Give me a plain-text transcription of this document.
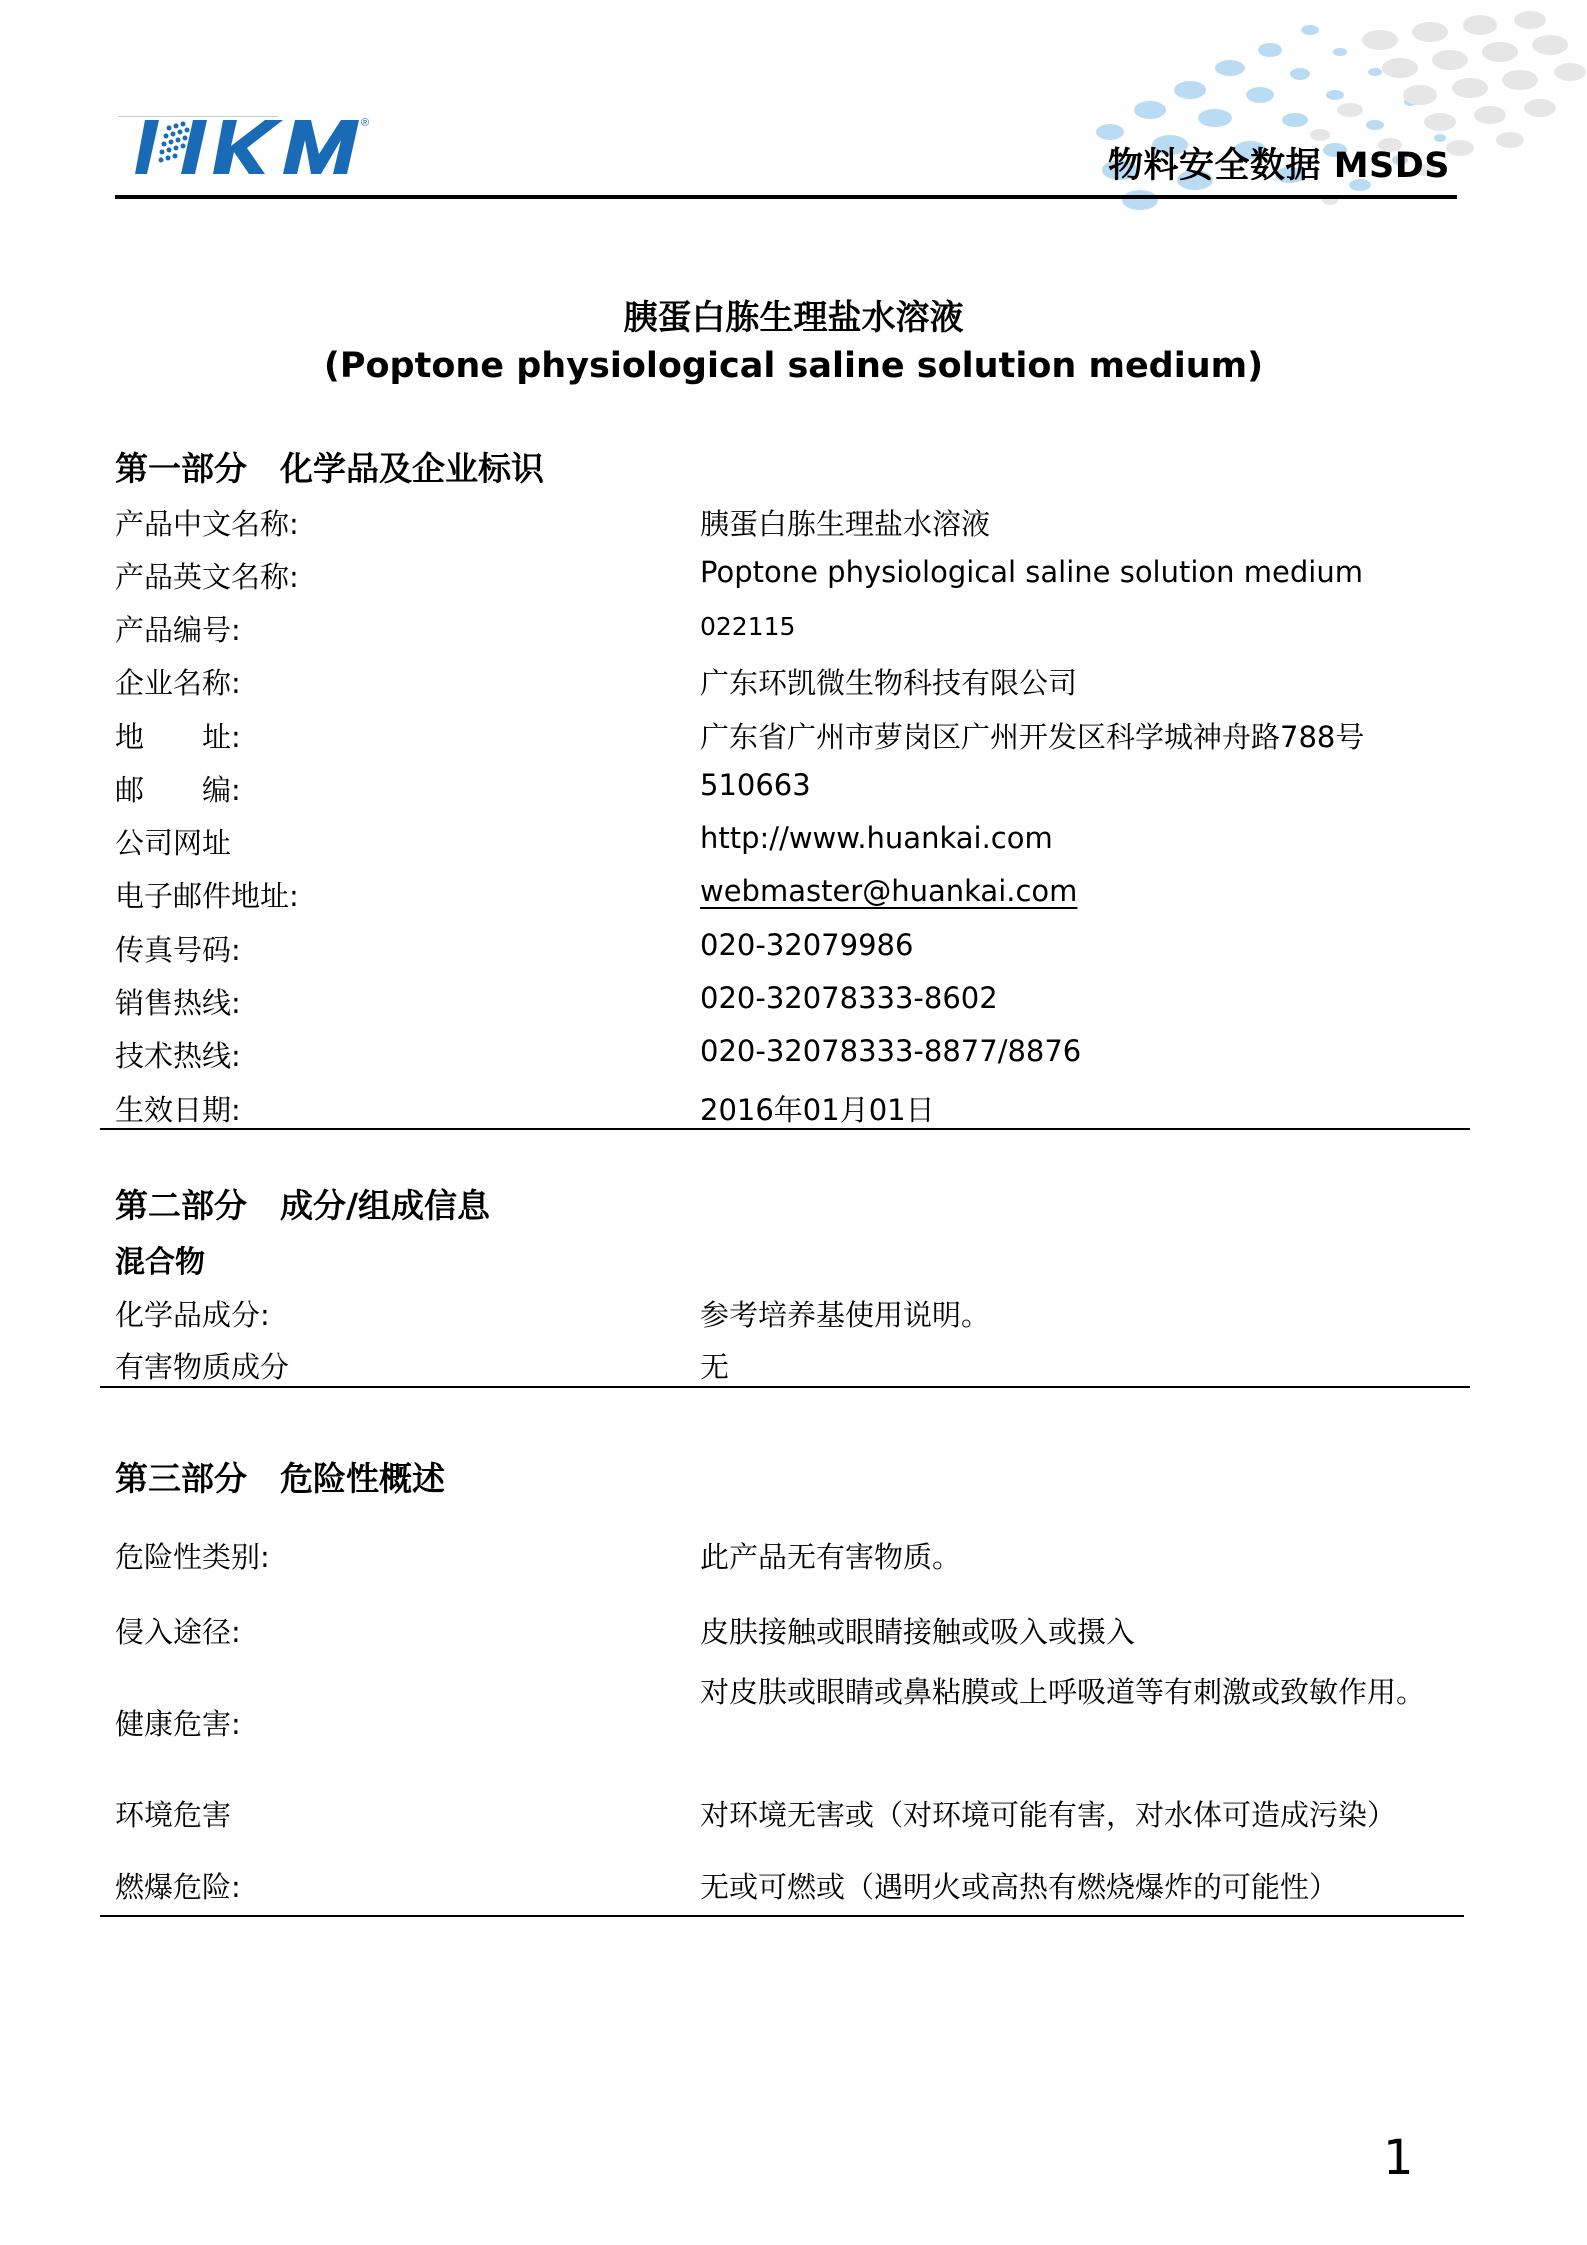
®
物料安全数据 MSDS
胰蛋白胨生理盐水溶液
(Poptone physiological saline solution medium)
第一部分　化学品及企业标识
产品中文名称:	胰蛋白胨生理盐水溶液
产品英文名称:	Poptone physiological saline solution medium
产品编号:	022115
企业名称:	广东环凯微生物科技有限公司
地　　址:	广东省广州市萝岗区广州开发区科学城神舟路788号
邮　　编:	510663
公司网址	http://www.huankai.com
电子邮件地址:	webmaster@huankai.com
传真号码:	020-32079986
销售热线:	020-32078333-8602
技术热线:	020-32078333-8877/8876
生效日期:	2016年01月01日
第二部分　成分/组成信息
混合物
化学品成分:	参考培养基使用说明。
有害物质成分	无
第三部分　危险性概述
危险性类别:	此产品无有害物质。
侵入途径:	皮肤接触或眼睛接触或吸入或摄入
健康危害:
对皮肤或眼睛或鼻粘膜或上呼吸道等有刺激或致敏作用。
环境危害	对环境无害或（对环境可能有害，对水体可造成污染）
燃爆危险:	无或可燃或（遇明火或高热有燃烧爆炸的可能性）
1
